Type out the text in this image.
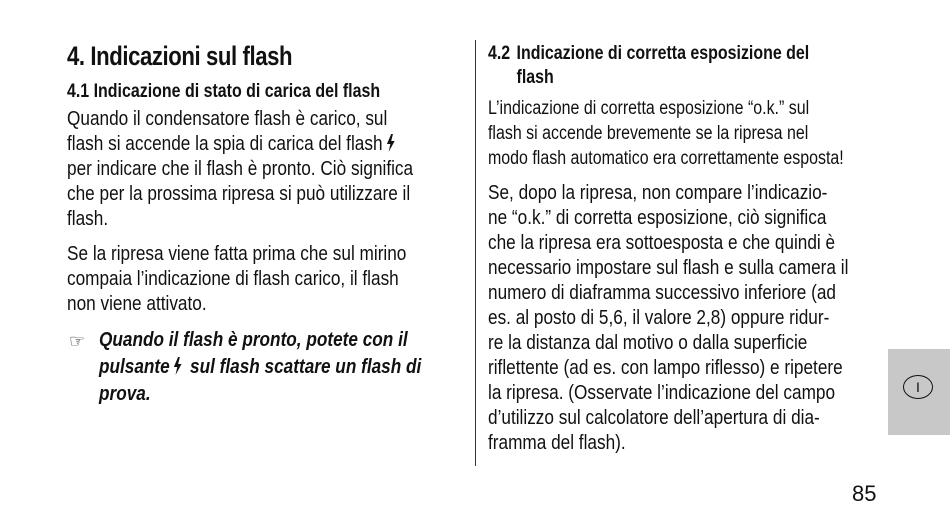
4. Indicazioni sul flash
4.1 Indicazione di stato di carica del flash
Quando il condensatore flash è carico, sul
flash si accende la spia di carica del flash
per indicare che il flash è pronto. Ciò significa
che per la prossima ripresa si può utilizzare il
flash.
Se la ripresa viene fatta prima che sul mirino
compaia l’indicazione di flash carico, il flash
non viene attivato.
☞ Quando il flash è pronto, potete con il
pulsante sul flash scattare un flash di
prova.
4.2 Indicazione di corretta esposizione del
flash
L’indicazione di corretta esposizione “o.k.” sul
flash si accende brevemente se la ripresa nel
modo flash automatico era correttamente esposta!
Se, dopo la ripresa, non compare l’indicazio-
ne “o.k.” di corretta esposizione, ciò significa
che la ripresa era sottoesposta e che quindi è
necessario impostare sul flash e sulla camera il
numero di diaframma successivo inferiore (ad
es. al posto di 5,6, il valore 2,8) oppure ridur-
re la distanza dal motivo o dalla superficie
riflettente (ad es. con lampo riflesso) e ripetere
la ripresa. (Osservate l’indicazione del campo
d’utilizzo sul calcolatore dell’apertura di dia-
framma del flash).
I
85
